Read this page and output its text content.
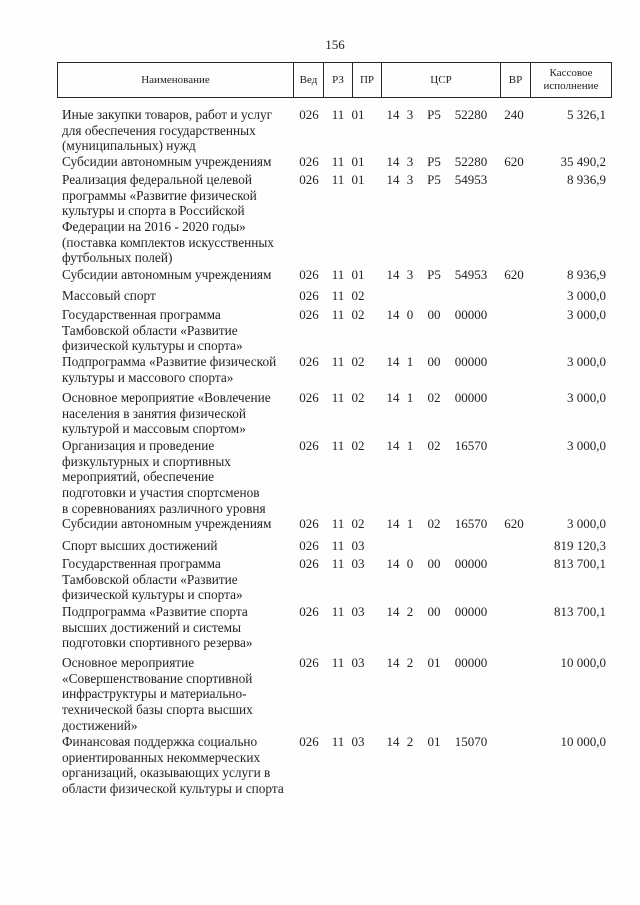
156
Наименование	Вед РЗ ПР	ЦСР	ВР
Кассовое
исполнение
Иные закупки товаров, работ и услуг
для обеспечения государственных
(муниципальных) нужд
026 11 01 14 3 P5 52280 240	5 326,1
Субсидии автономным учреждениям	026 11 01 14 3 P5 52280 620	35 490,2
Реализация федеральной целевой
программы «Развитие физической
культуры и спорта в Российской
Федерации на 2016 - 2020 годы»
(поставка комплектов искусственных
футбольных полей)
026 11 01 14 3 P5 54953	8 936,9
Субсидии автономным учреждениям	026 11 01 14 3 P5 54953 620	8 936,9
Массовый спорт	026 11 02	3 000,0
Государственная программа
Тамбовской области «Развитие
физической культуры и спорта»
026 11 02 14 0 00 00000	3 000,0
Подпрограмма «Развитие физической
культуры и массового спорта»
026 11 02 14 1 00 00000	3 000,0
Основное мероприятие «Вовлечение
населения в занятия физической
культурой и массовым спортом»
026 11 02 14 1 02 00000	3 000,0
Организация и проведение
физкультурных и спортивных
мероприятий, обеспечение
подготовки и участия спортсменов
в соревнованиях различного уровня
026 11 02 14 1 02 16570	3 000,0
Субсидии автономным учреждениям	026 11 02 14 1 02 16570 620	3 000,0
Спорт высших достижений	026 11 03	819 120,3
Государственная программа
Тамбовской области «Развитие
физической культуры и спорта»
026 11 03 14 0 00 00000	813 700,1
Подпрограмма «Развитие спорта
высших достижений и системы
подготовки спортивного резерва»
026 11 03 14 2 00 00000	813 700,1
Основное мероприятие
«Совершенствование спортивной
инфраструктуры и материально-
технической базы спорта высших
достижений»
026 11 03 14 2 01 00000	10 000,0
Финансовая поддержка социально
ориентированных некоммерческих
организаций, оказывающих услуги в
области физической культуры и спорта
026 11 03 14 2 01 15070	10 000,0
